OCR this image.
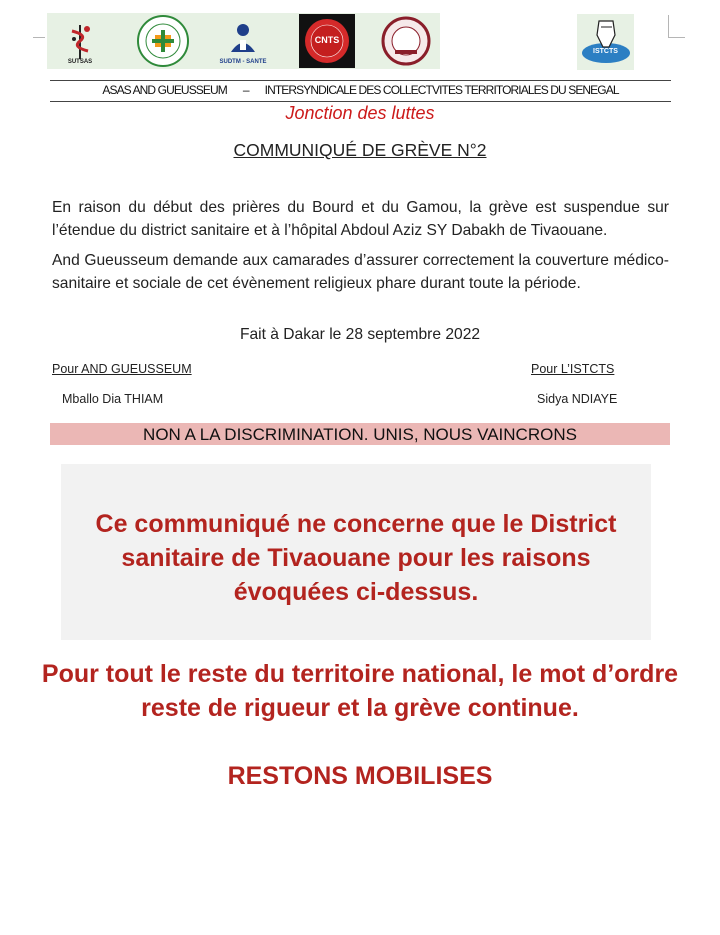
SUTSAS	SUDTM - SANTE
CNTS
ISTCTS
ASAS AND GUEUSSEUM – INTERSYNDICALE DES COLLECTVITES TERRITORIALES DU SENEGAL
Jonction des luttes
COMMUNIQUÉ DE GRÈVE N°2
En raison du début des prières du Bourd et du Gamou, la grève est suspendue sur l’étendue du district sanitaire et à l’hôpital Abdoul Aziz SY Dabakh de Tivaouane.
And Gueusseum demande aux camarades d’assurer correctement la couverture médico-sanitaire et sociale de cet évènement religieux phare durant toute la période.
Fait à Dakar le 28 septembre 2022
Pour AND GUEUSSEUM	Pour L’ISTCTS
Mballo Dia THIAM	Sidya NDIAYE
NON A LA DISCRIMINATION. UNIS, NOUS VAINCRONS
Ce communiqué ne concerne que le District sanitaire de Tivaouane pour les raisons évoquées ci-dessus.
Pour tout le reste du territoire national, le mot d’ordre reste de rigueur et la grève continue.
RESTONS MOBILISES
